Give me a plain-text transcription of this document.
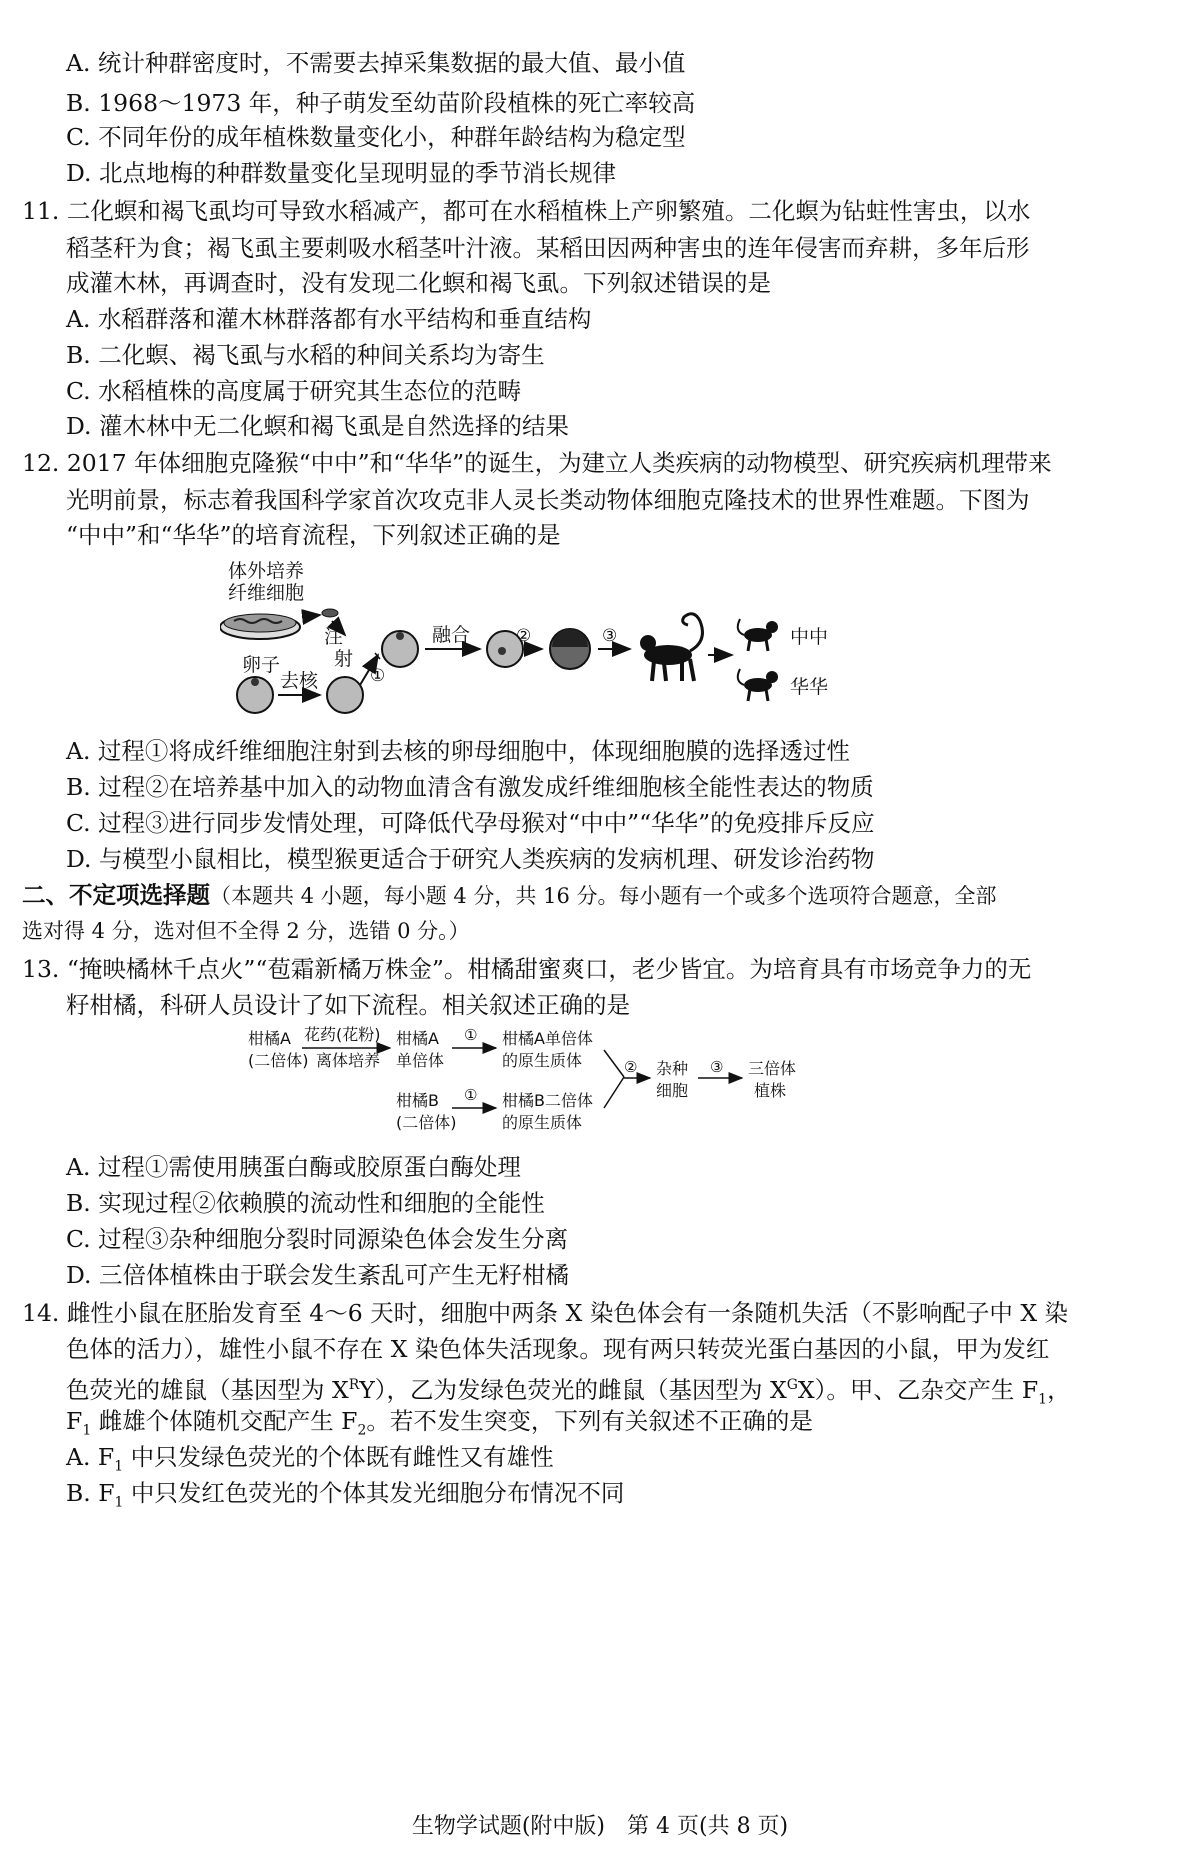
A. 统计种群密度时，不需要去掉采集数据的最大值、最小值
B. 1968～1973 年，种子萌发至幼苗阶段植株的死亡率较高
C. 不同年份的成年植株数量变化小，种群年龄结构为稳定型
D. 北点地梅的种群数量变化呈现明显的季节消长规律
11. 二化螟和褐飞虱均可导致水稻减产，都可在水稻植株上产卵繁殖。二化螟为钻蛀性害虫，以水
稻茎秆为食；褐飞虱主要刺吸水稻茎叶汁液。某稻田因两种害虫的连年侵害而弃耕，多年后形
成灌木林，再调查时，没有发现二化螟和褐飞虱。下列叙述错误的是
A. 水稻群落和灌木林群落都有水平结构和垂直结构
B. 二化螟、褐飞虱与水稻的种间关系均为寄生
C. 水稻植株的高度属于研究其生态位的范畴
D. 灌木林中无二化螟和褐飞虱是自然选择的结果
12. 2017 年体细胞克隆猴“中中”和“华华”的诞生，为建立人类疾病的动物模型、研究疾病机理带来
光明前景，标志着我国科学家首次攻克非人灵长类动物体细胞克隆技术的世界性难题。下图为
“中中”和“华华”的培育流程，下列叙述正确的是
体外培养
纤维细胞
注
射
①
卵子
去核
融合	②	③	中中
华华
A. 过程①将成纤维细胞注射到去核的卵母细胞中，体现细胞膜的选择透过性
B. 过程②在培养基中加入的动物血清含有激发成纤维细胞核全能性表达的物质
C. 过程③进行同步发情处理，可降低代孕母猴对“中中”“华华”的免疫排斥反应
D. 与模型小鼠相比，模型猴更适合于研究人类疾病的发病机理、研发诊治药物
二、不定项选择题（本题共 4 小题，每小题 4 分，共 16 分。每小题有一个或多个选项符合题意，全部
选对得 4 分，选对但不全得 2 分，选错 0 分。）
13. “掩映橘林千点火”“苞霜新橘万株金”。柑橘甜蜜爽口，老少皆宜。为培育具有市场竞争力的无
籽柑橘，科研人员设计了如下流程。相关叙述正确的是
柑橘A
(二倍体)
花药(花粉)
离体培养
柑橘A
单倍体
① 柑橘A单倍体
的原生质体
柑橘B
(二倍体)
① 柑橘B二倍体
的原生质体
② 杂种
细胞
③ 三倍体
植株
A. 过程①需使用胰蛋白酶或胶原蛋白酶处理
B. 实现过程②依赖膜的流动性和细胞的全能性
C. 过程③杂种细胞分裂时同源染色体会发生分离
D. 三倍体植株由于联会发生紊乱可产生无籽柑橘
14. 雌性小鼠在胚胎发育至 4～6 天时，细胞中两条 X 染色体会有一条随机失活（不影响配子中 X 染
色体的活力），雄性小鼠不存在 X 染色体失活现象。现有两只转荧光蛋白基因的小鼠，甲为发红
色荧光的雄鼠（基因型为 $X^RY$），乙为发绿色荧光的雌鼠（基因型为 $X^GX$）。甲、乙杂交产生 $F_1$，
$F_1$ 雌雄个体随机交配产生 $F_2$。若不发生突变，下列有关叙述不正确的是
A. $F_1$ 中只发绿色荧光的个体既有雌性又有雄性
B. $F_1$ 中只发红色荧光的个体其发光细胞分布情况不同
生物学试题(附中版)　第 4 页(共 8 页)
